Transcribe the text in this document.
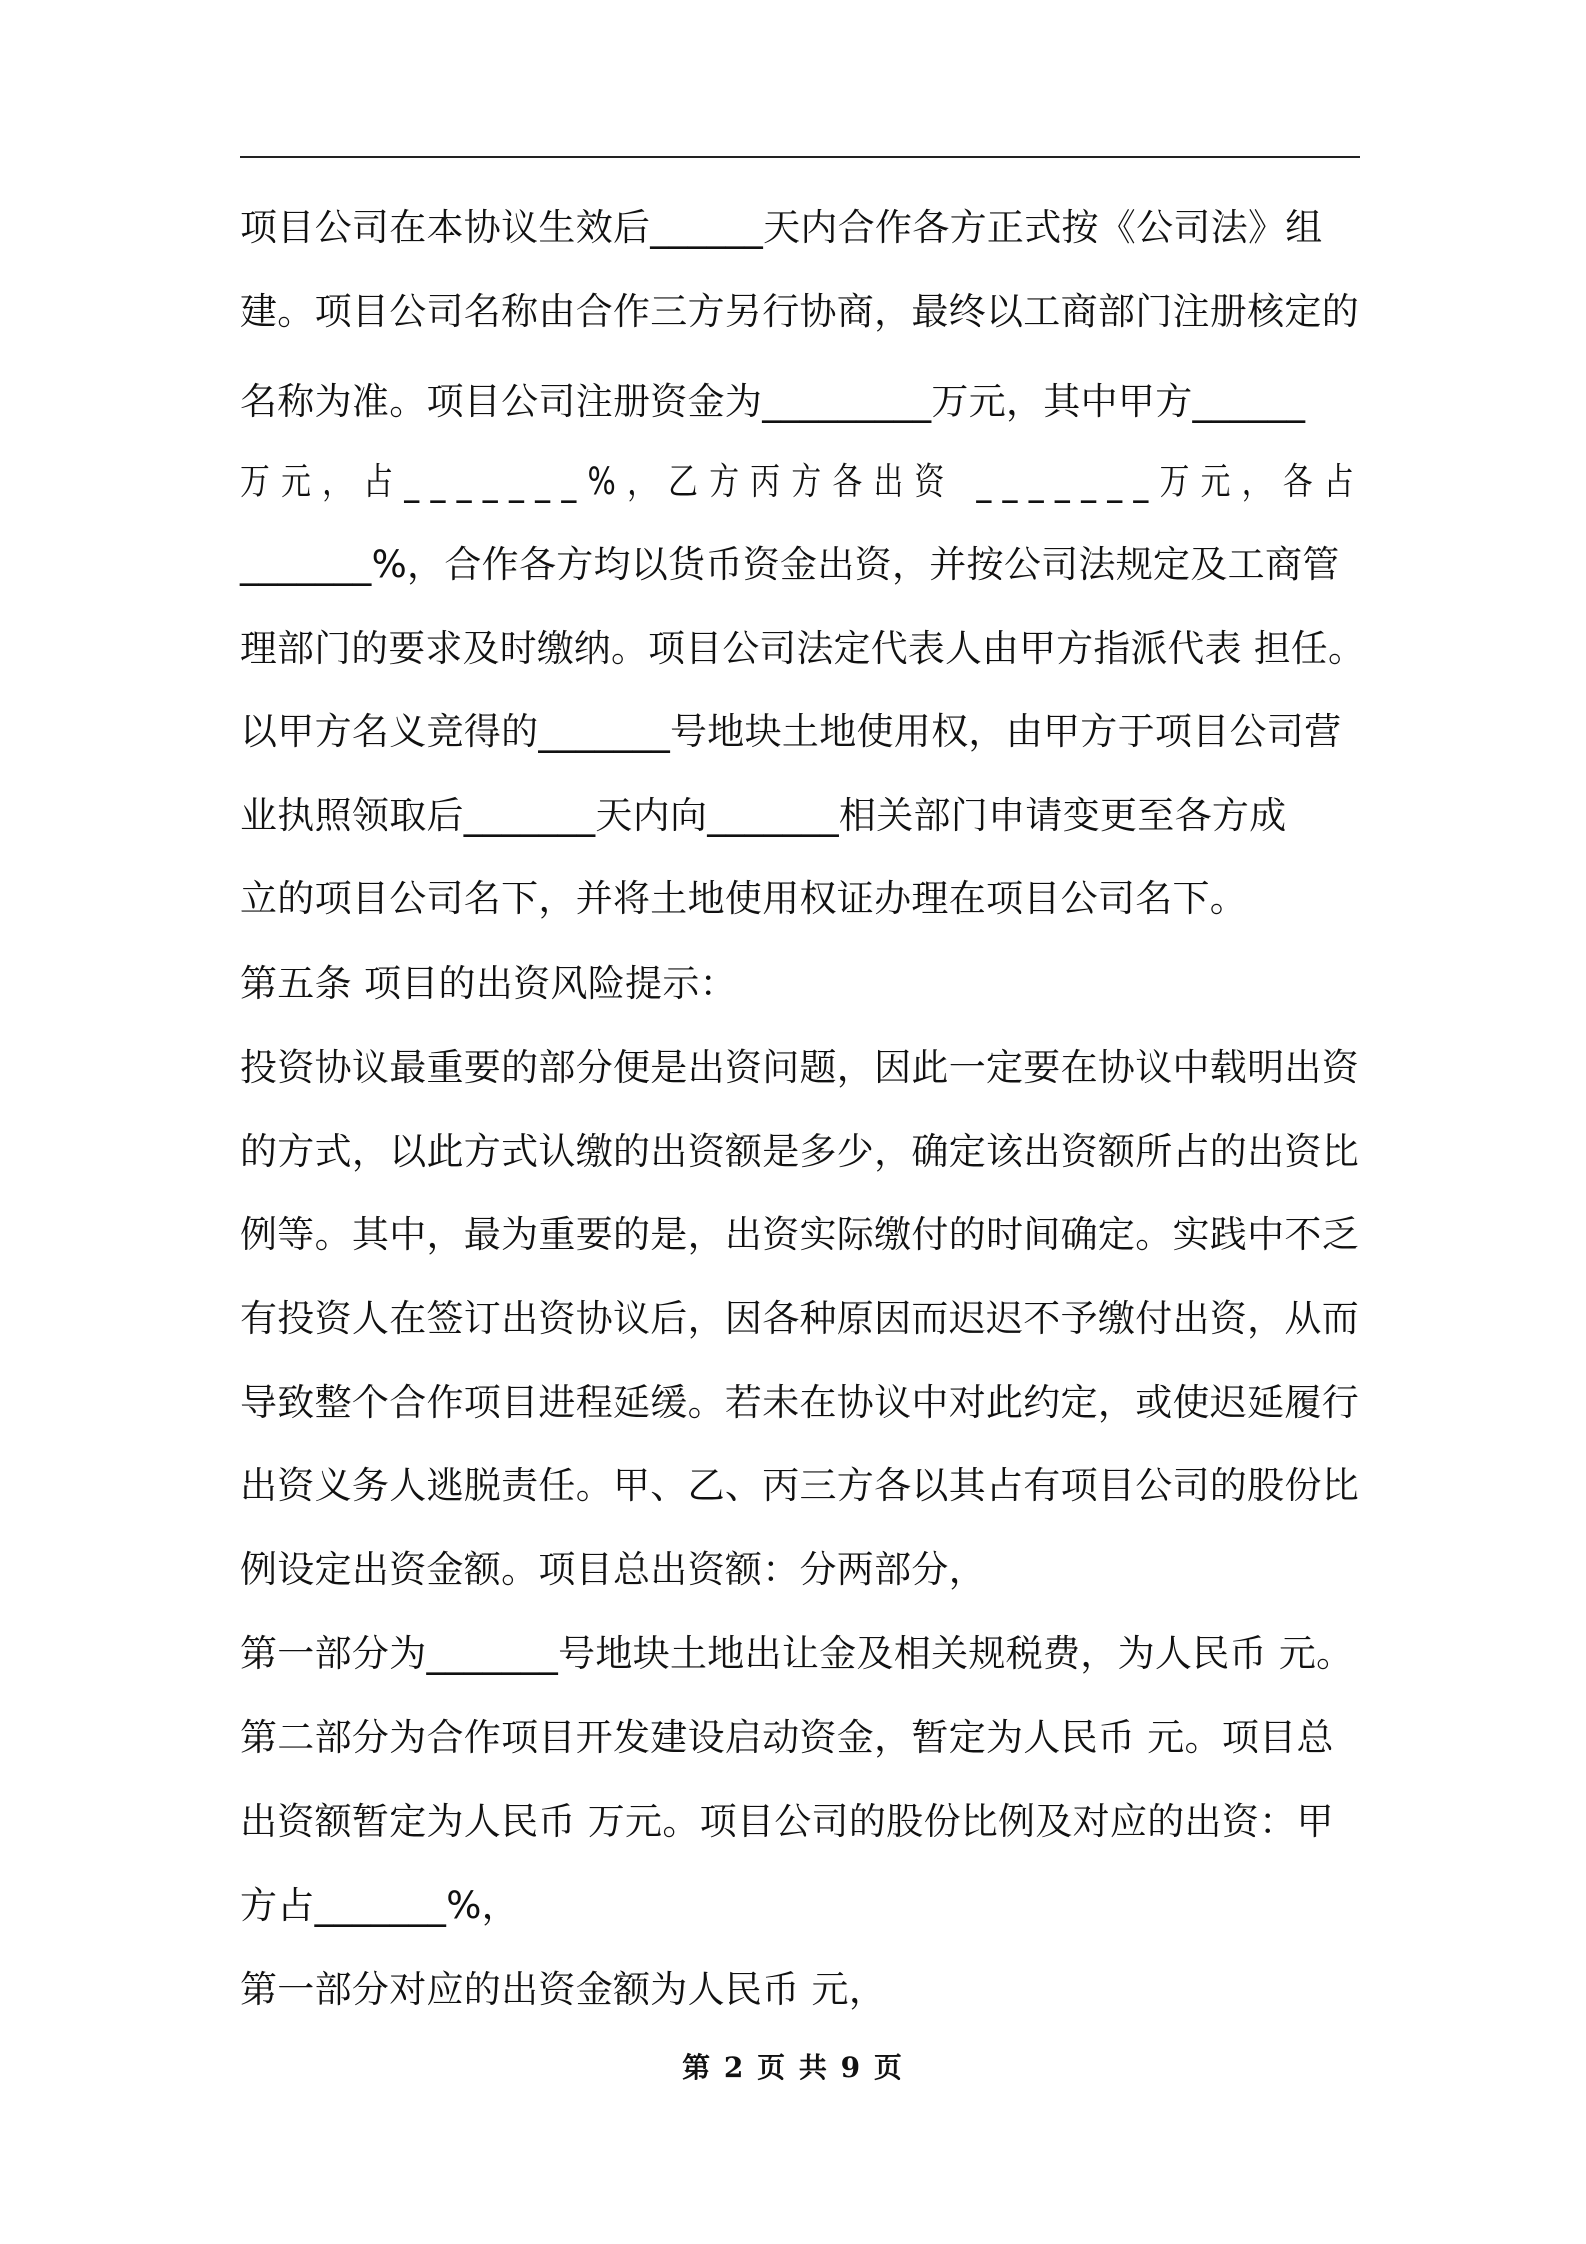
项目公司在本协议生效后______天内合作各方正式按《公司法》组
建。项目公司名称由合作三方另行协商，最终以工商部门注册核定的
名称为准。项目公司注册资金为_________万元，其中甲方______
万元，占_______%，乙方丙方各出资 _______万元，各占
_______%，合作各方均以货币资金出资，并按公司法规定及工商管
理部门的要求及时缴纳。项目公司法定代表人由甲方指派代表 担任。
以甲方名义竞得的_______号地块土地使用权，由甲方于项目公司营
业执照领取后_______天内向_______相关部门申请变更至各方成
立的项目公司名下，并将土地使用权证办理在项目公司名下。
第五条 项目的出资风险提示：
投资协议最重要的部分便是出资问题，因此一定要在协议中载明出资
的方式，以此方式认缴的出资额是多少，确定该出资额所占的出资比
例等。其中，最为重要的是，出资实际缴付的时间确定。实践中不乏
有投资人在签订出资协议后，因各种原因而迟迟不予缴付出资，从而
导致整个合作项目进程延缓。若未在协议中对此约定，或使迟延履行
出资义务人逃脱责任。甲、乙、丙三方各以其占有项目公司的股份比
例设定出资金额。项目总出资额：分两部分，
第一部分为_______号地块土地出让金及相关规税费，为人民币 元。
第二部分为合作项目开发建设启动资金，暂定为人民币 元。项目总
出资额暂定为人民币 万元。项目公司的股份比例及对应的出资：甲
方占_______%，
第一部分对应的出资金额为人民币 元，
第 2 页 共 9 页
